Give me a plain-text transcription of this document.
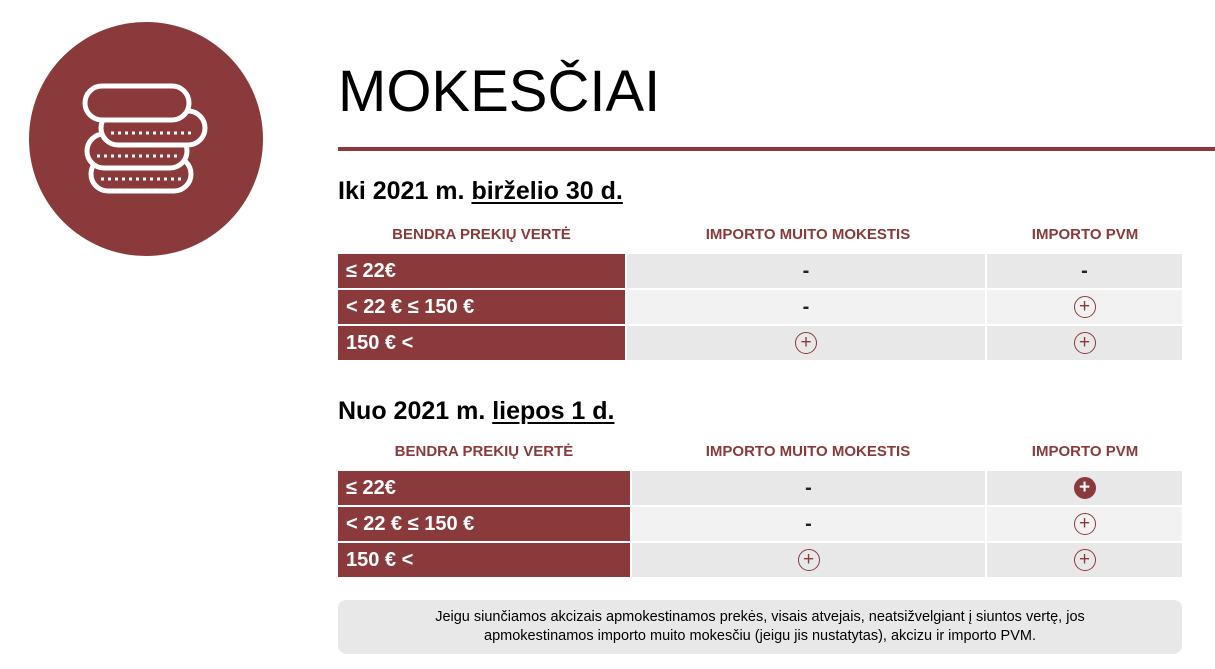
MOKESČIAI
Iki 2021 m. birželio 30 d.
BENDRA PREKIŲ VERTĖ	IMPORTO MUITO MOKESTIS	IMPORTO PVM
≤ 22€	-	-
< 22 € ≤ 150 €	-	+
150 € <	+	+
Nuo 2021 m. liepos 1 d.
BENDRA PREKIŲ VERTĖ	IMPORTO MUITO MOKESTIS	IMPORTO PVM
≤ 22€	-	+
< 22 € ≤ 150 €	-	+
150 € <	+	+
Jeigu siunčiamos akcizais apmokestinamos prekės, visais atvejais, neatsižvelgiant į siuntos vertę, jos
apmokestinamos importo muito mokesčiu (jeigu jis nustatytas), akcizu ir importo PVM.
